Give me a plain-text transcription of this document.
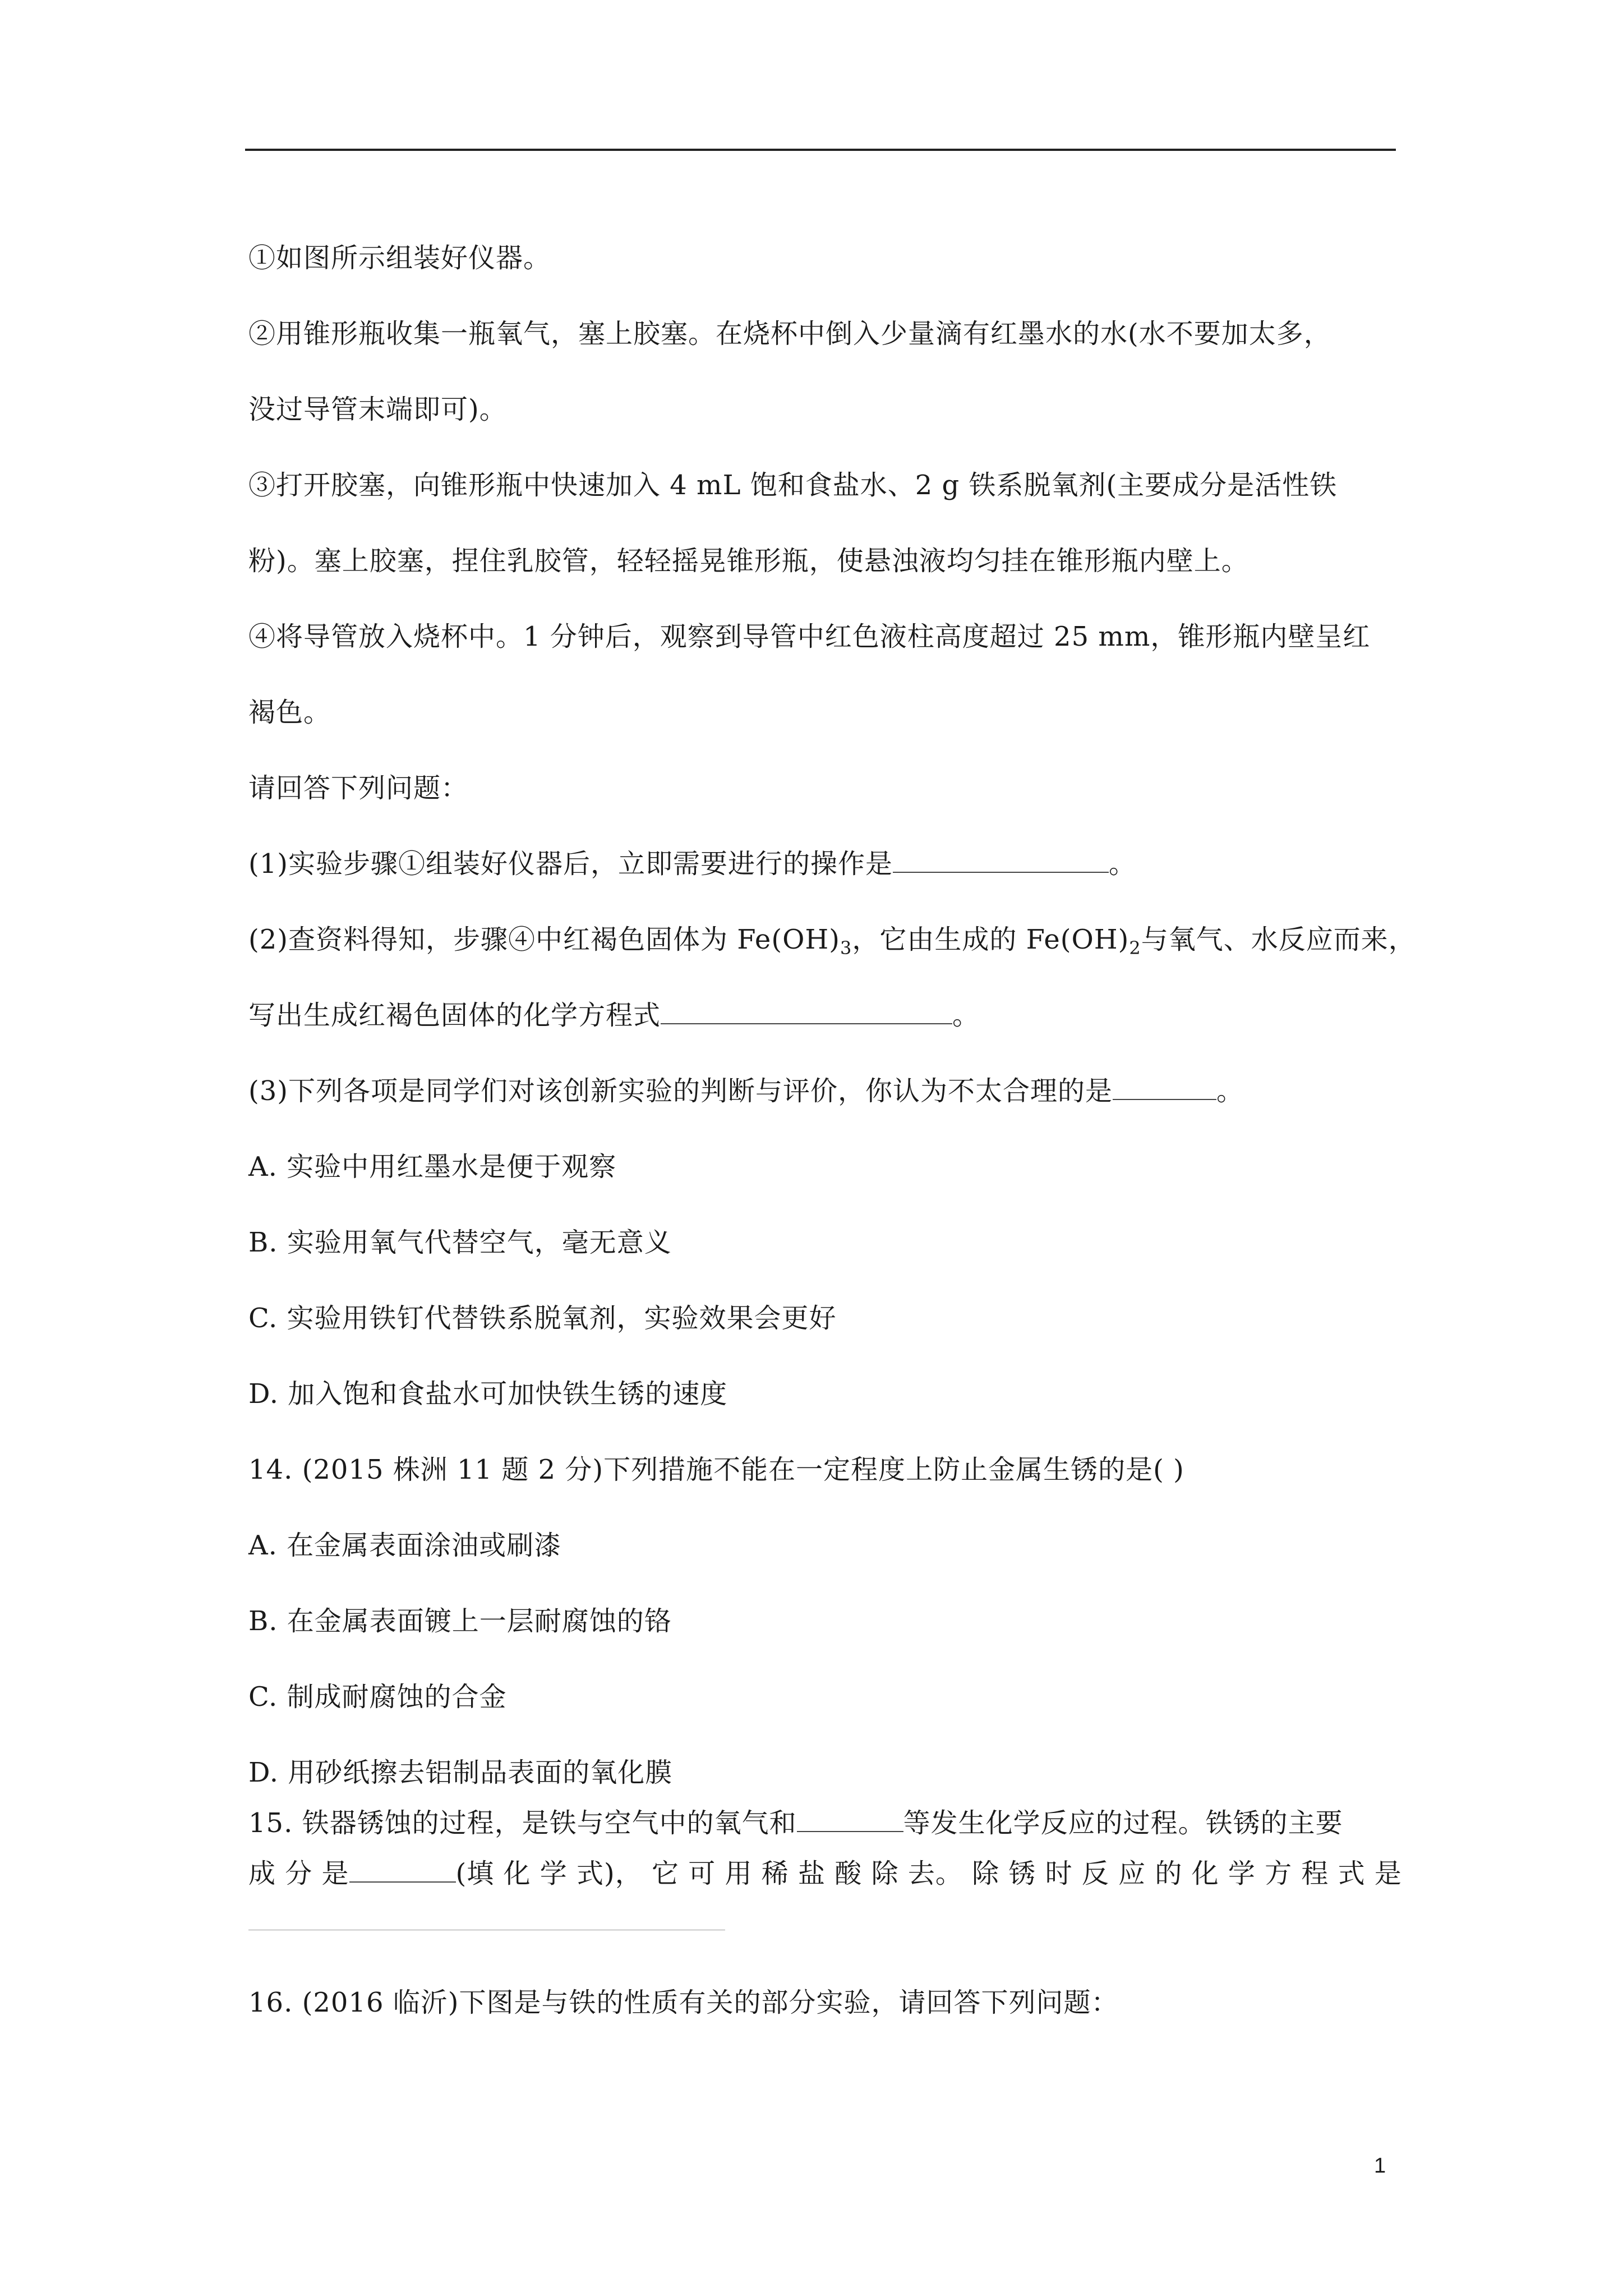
①如图所示组装好仪器。
②用锥形瓶收集一瓶氧气，塞上胶塞。在烧杯中倒入少量滴有红墨水的水(水不要加太多，
没过导管末端即可)。
③打开胶塞，向锥形瓶中快速加入 4 mL 饱和食盐水、2 g 铁系脱氧剂(主要成分是活性铁
粉)。塞上胶塞，捏住乳胶管，轻轻摇晃锥形瓶，使悬浊液均匀挂在锥形瓶内壁上。
④将导管放入烧杯中。1 分钟后，观察到导管中红色液柱高度超过 25 mm，锥形瓶内壁呈红
褐色。
请回答下列问题：
(1)实验步骤①组装好仪器后，立即需要进行的操作是	。
(2)查资料得知，步骤④中红褐色固体为 $Fe(OH)_3$，它由生成的 $Fe(OH)_2$与氧气、水反应而来，
写出生成红褐色固体的化学方程式	。
(3)下列各项是同学们对该创新实验的判断与评价，你认为不太合理的是	。
A. 实验中用红墨水是便于观察
B. 实验用氧气代替空气，毫无意义
C. 实验用铁钉代替铁系脱氧剂，实验效果会更好
D. 加入饱和食盐水可加快铁生锈的速度
14. (2015 株洲 11 题 2 分)下列措施不能在一定程度上防止金属生锈的是( )
A. 在金属表面涂油或刷漆
B. 在金属表面镀上一层耐腐蚀的铬
C. 制成耐腐蚀的合金
D. 用砂纸擦去铝制品表面的氧化膜
15. 铁器锈蚀的过程，是铁与空气中的氧气和	等发生化学反应的过程。铁锈的主要
成 分 是	(填 化 学 式)， 它 可 用 稀 盐 酸 除 去。 除 锈 时 反 应 的 化 学 方 程 式 是
16. (2016 临沂)下图是与铁的性质有关的部分实验，请回答下列问题：
1
